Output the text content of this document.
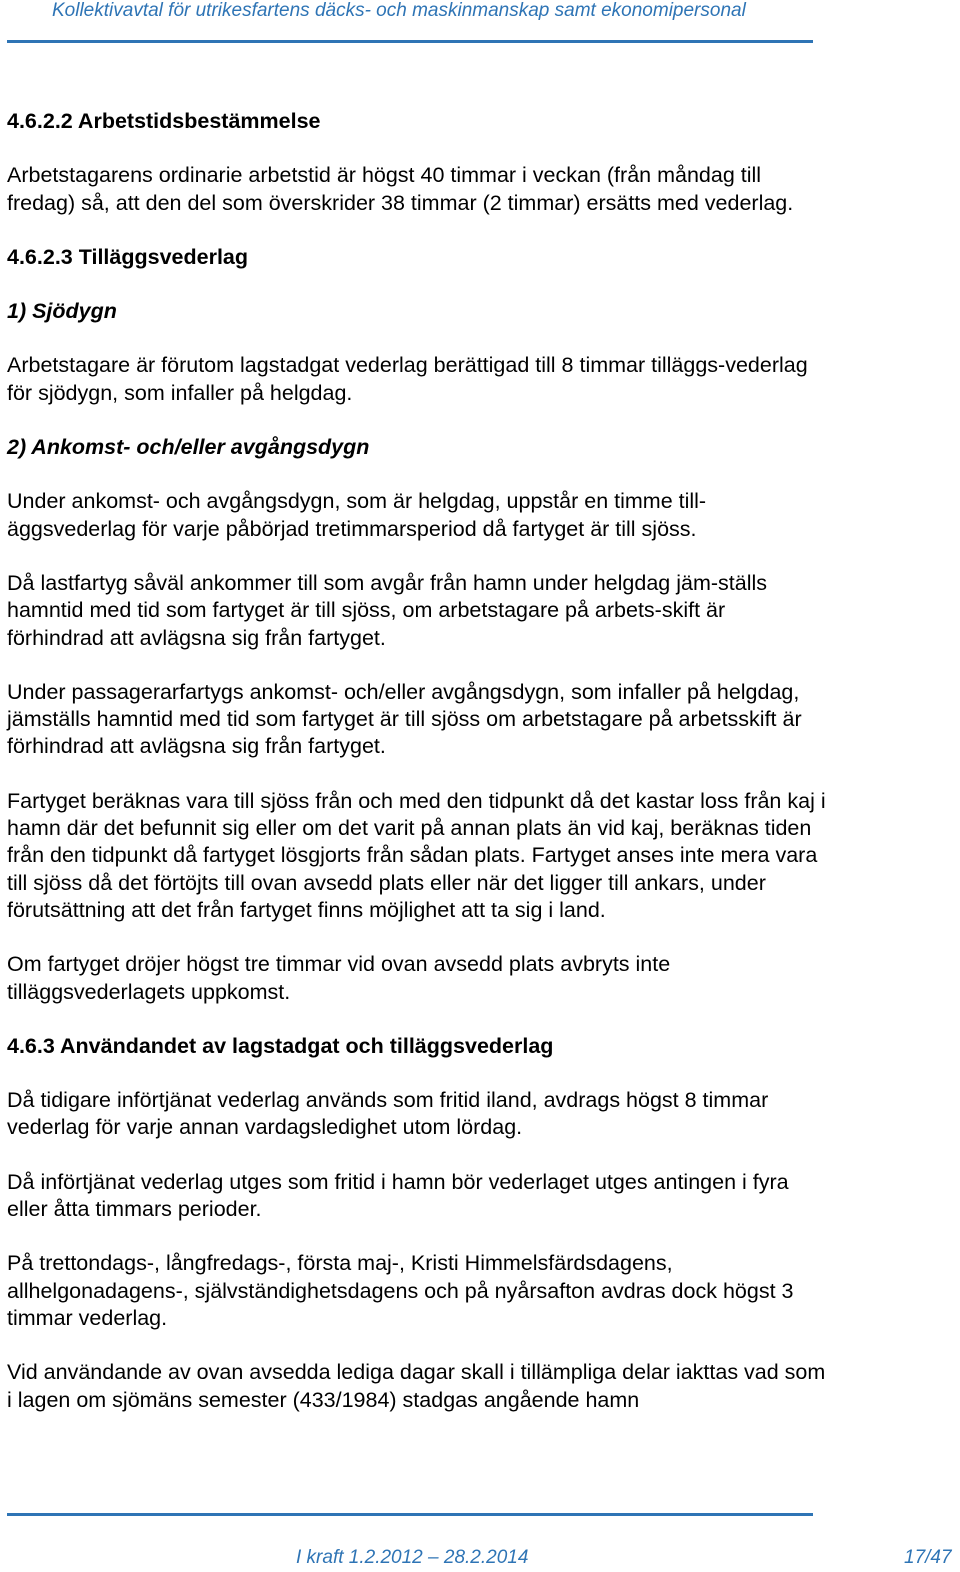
Kollektivavtal för utrikesfartens däcks- och maskinmanskap samt ekonomipersonal

4.6.2.2 Arbetstidsbestämmelse

Arbetstagarens ordinarie arbetstid är högst 40 timmar i veckan (från måndag till fredag) så, att den del som överskrider 38 timmar (2 timmar) ersätts med vederlag.

4.6.2.3 Tilläggsvederlag

1) Sjödygn

Arbetstagare är förutom lagstadgat vederlag berättigad till 8 timmar tilläggs-vederlag för sjödygn, som infaller på helgdag.

2) Ankomst- och/eller avgångsdygn

Under ankomst- och avgångsdygn, som är helgdag, uppstår en timme till-äggsvederlag för varje påbörjad tretimmarsperiod då fartyget är till sjöss.

Då lastfartyg såväl ankommer till som avgår från hamn under helgdag jäm-ställs hamntid med tid som fartyget är till sjöss, om arbetstagare på arbets-skift är förhindrad att avlägsna sig från fartyget.

Under passagerarfartygs ankomst- och/eller avgångsdygn, som infaller på helgdag, jämställs hamntid med tid som fartyget är till sjöss om arbetstagare på arbetsskift är förhindrad att avlägsna sig från fartyget.

Fartyget beräknas vara till sjöss från och med den tidpunkt då det kastar loss från kaj i hamn där det befunnit sig eller om det varit på annan plats än vid kaj, beräknas tiden från den tidpunkt då fartyget lösgjorts från sådan plats. Fartyget anses inte mera vara till sjöss då det förtöjts till ovan avsedd plats eller när det ligger till ankars, under förutsättning att det från fartyget finns möjlighet att ta sig i land.

Om fartyget dröjer högst tre timmar vid ovan avsedd plats avbryts inte tilläggsvederlagets uppkomst.

4.6.3 Användandet av lagstadgat och tilläggsvederlag

Då tidigare införtjänat vederlag används som fritid iland, avdrags högst 8 timmar vederlag för varje annan vardagsledighet utom lördag.

Då införtjänat vederlag utges som fritid i hamn bör vederlaget utges antingen i fyra eller åtta timmars perioder.

På trettondags-, långfredags-, första maj-, Kristi Himmelsfärdsdagens, allhelgonadagens-, självständighetsdagens och på nyårsafton avdras dock högst 3 timmar vederlag.

Vid användande av ovan avsedda lediga dagar skall i tillämpliga delar iakttas vad som i lagen om sjömäns semester (433/1984) stadgas angående hamn

I kraft 1.2.2012 – 28.2.2014	17/47
